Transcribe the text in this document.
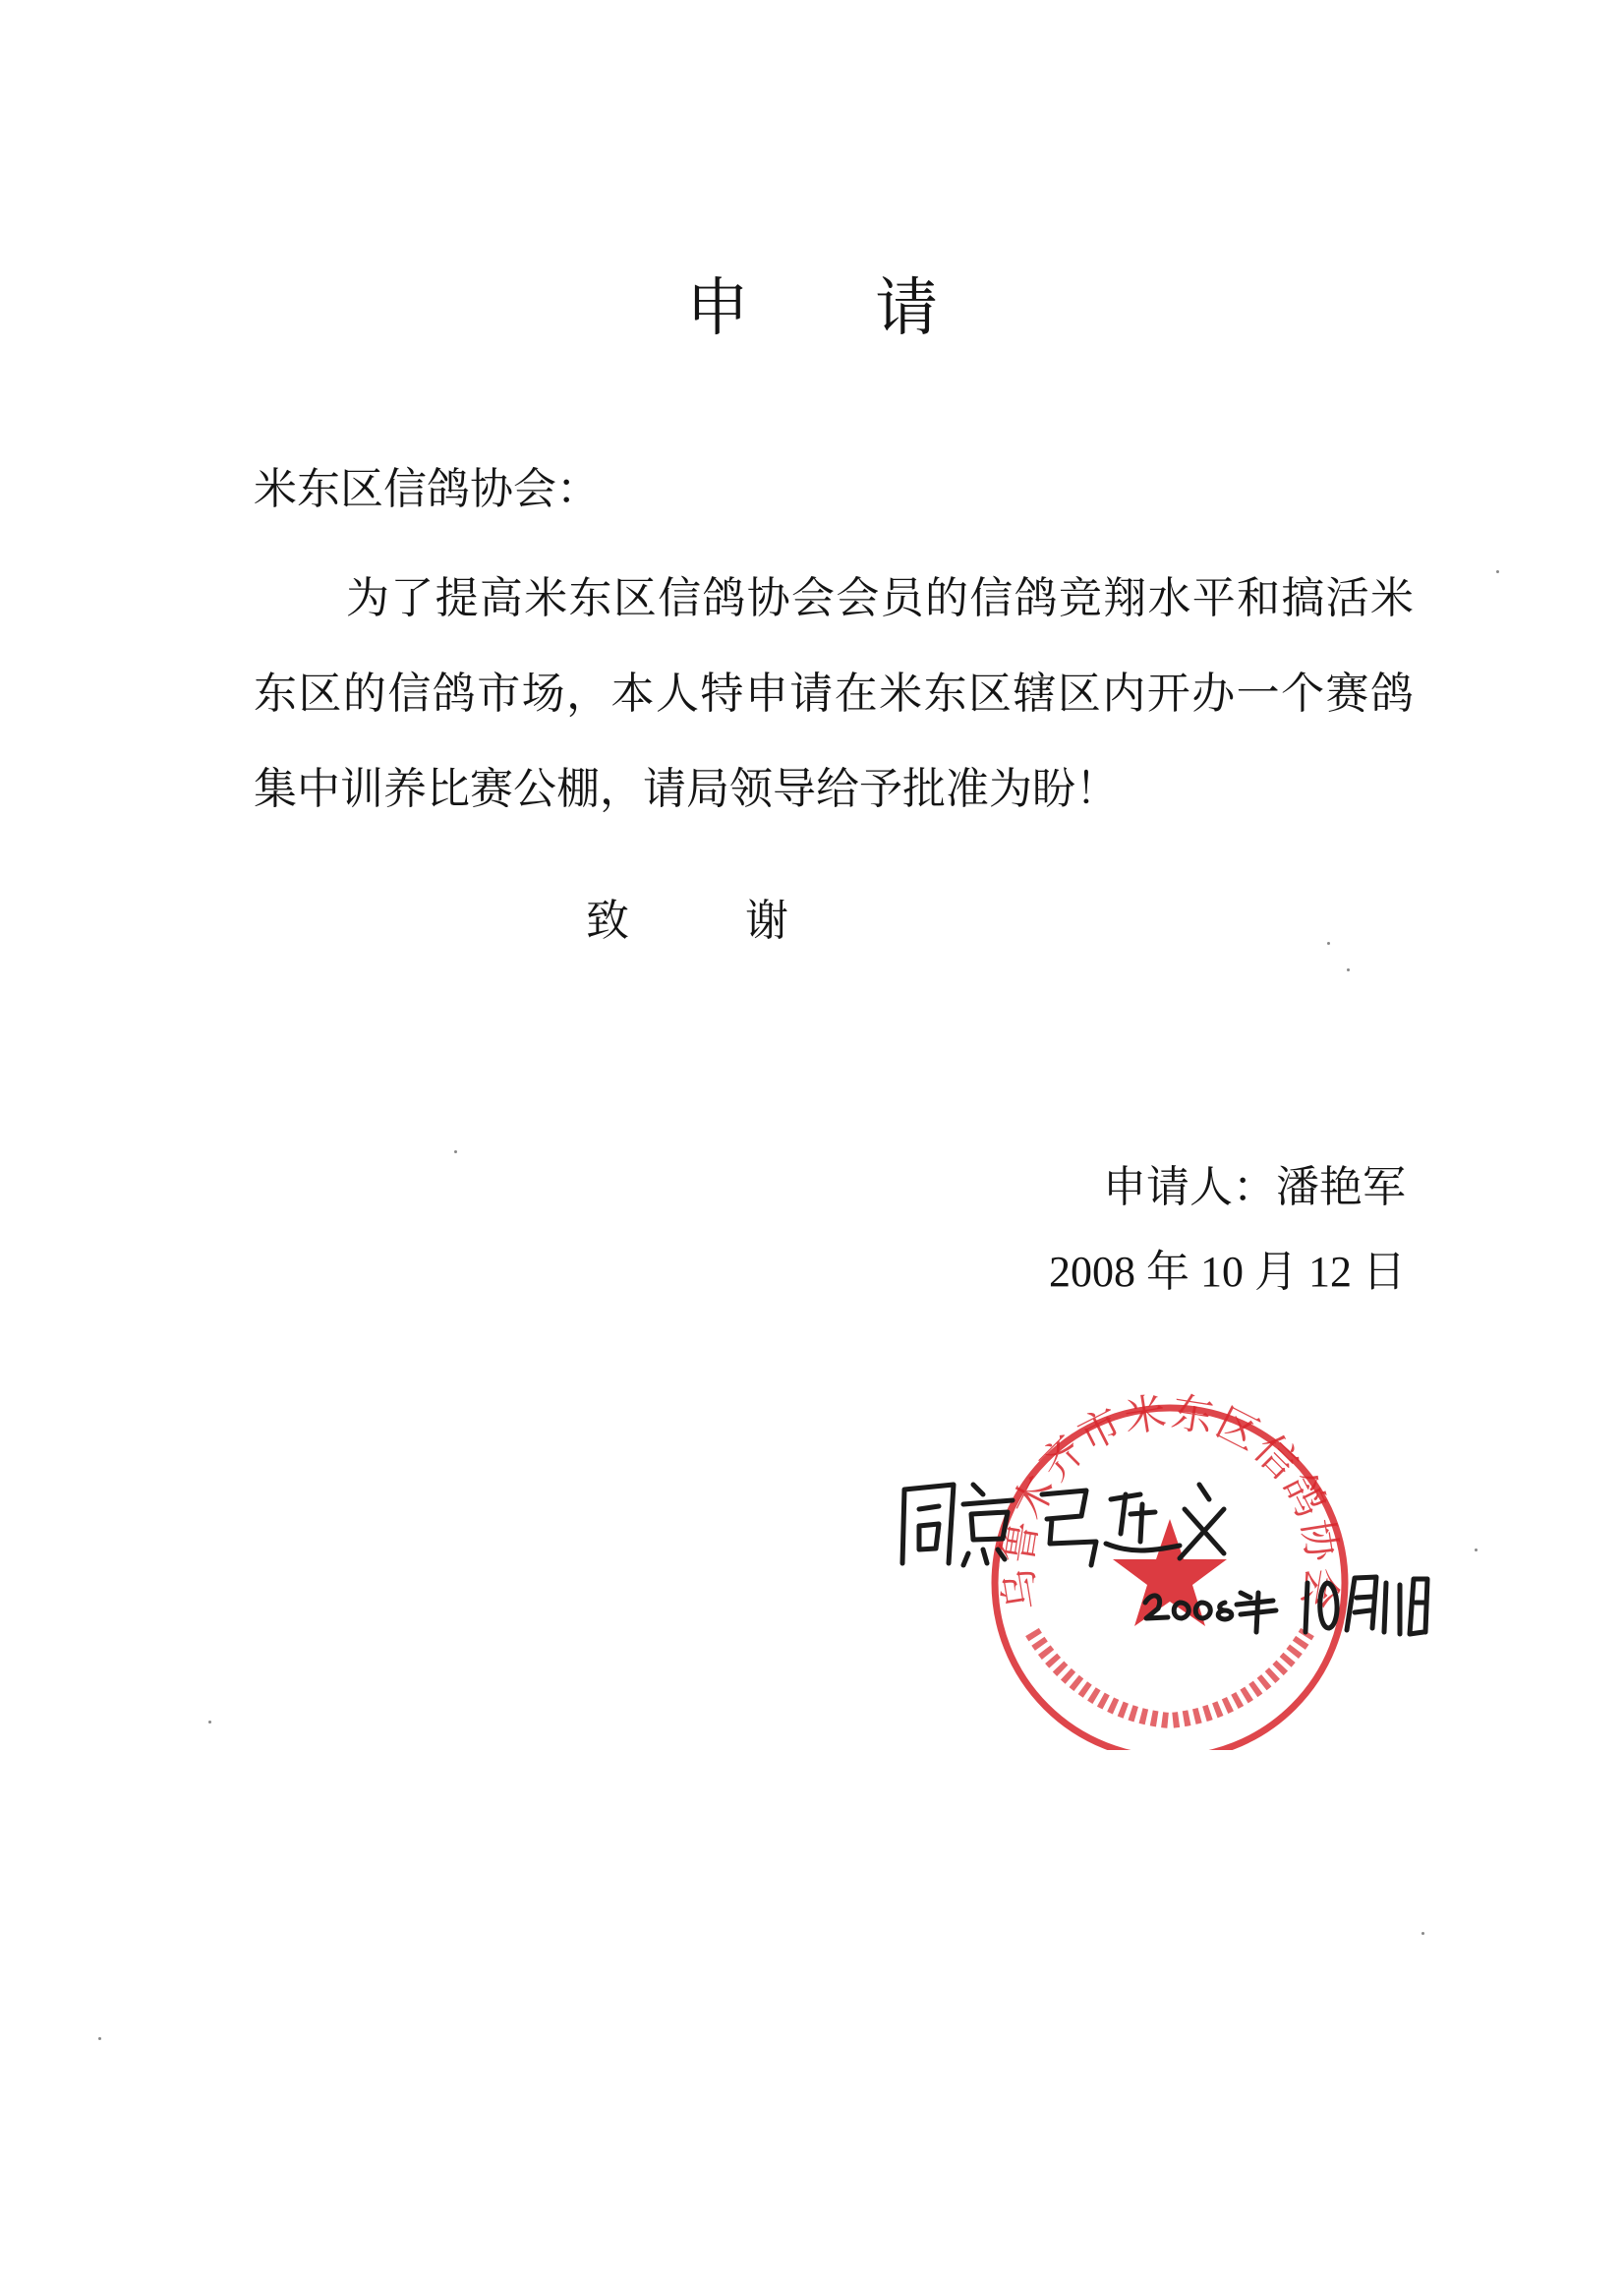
申 请
米东区信鸽协会：
为了提高米东区信鸽协会会员的信鸽竞翔水平和搞活米东区的信鸽市场，本人特申请在米东区辖区内开办一个赛鸽集中训养比赛公棚，请局领导给予批准为盼！
致 谢
申请人：潘艳军
2008 年 10 月 12 日
乌鲁木齐市米东区信鸽协会
